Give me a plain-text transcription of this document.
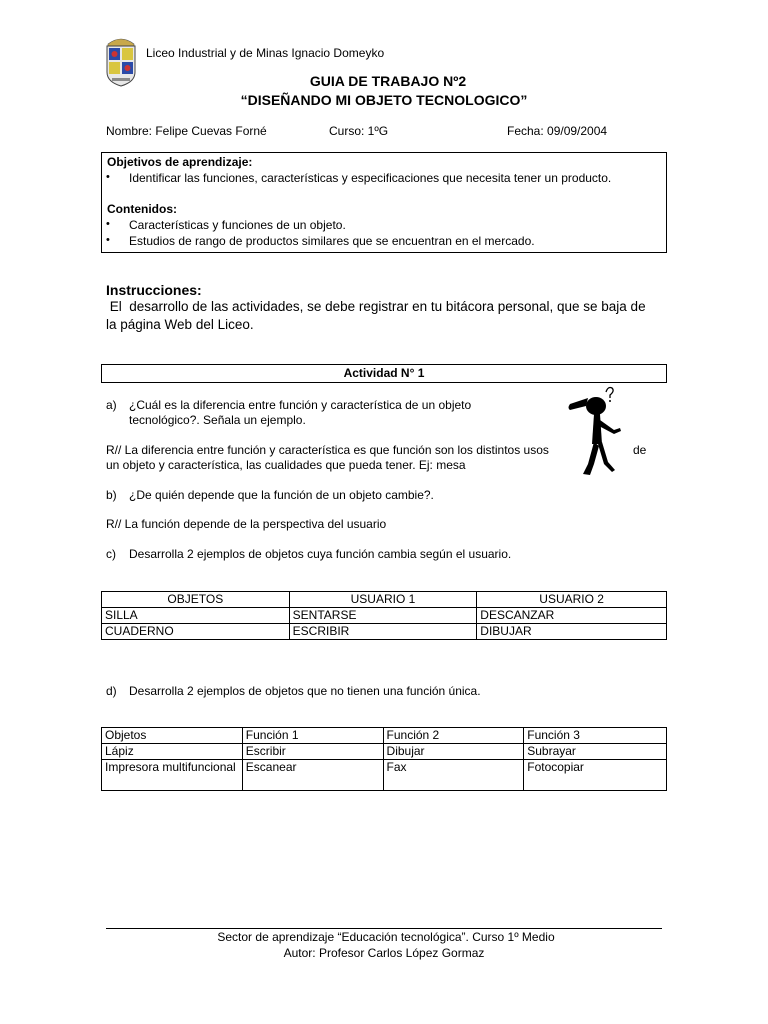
Liceo Industrial y de Minas Ignacio Domeyko
GUIA DE TRABAJO Nº2
“DISEÑANDO MI OBJETO TECNOLOGICO”
Nombre: Felipe Cuevas Forné	Curso: 1ºG	Fecha: 09/09/2004
Objetivos de aprendizaje:
• Identificar las funciones, características y especificaciones que necesita tener un producto.
Contenidos:
• Características y funciones de un objeto.
• Estudios de rango de productos similares que se encuentran en el mercado.
Instrucciones:
El  desarrollo de las actividades, se debe registrar en tu bitácora personal, que se baja de
la página Web del Liceo.
Actividad N° 1
a) ¿Cuál es la diferencia entre función y característica de un objeto
tecnológico?. Señala un ejemplo.
R// La diferencia entre función y característica es que función son los distintos usos	de
un objeto y característica, las cualidades que pueda tener. Ej: mesa
b) ¿De quién depende que la función de un objeto cambie?.
R// La función depende de la perspectiva del usuario
c) Desarrolla 2 ejemplos de objetos cuya función cambia según el usuario.
OBJETOS	USUARIO 1	USUARIO 2
SILLA	SENTARSE	DESCANZAR
CUADERNO	ESCRIBIR	DIBUJAR
d) Desarrolla 2 ejemplos de objetos que no tienen una función única.
Objetos	Función 1	Función 2	Función 3
Lápiz	Escribir	Dibujar	Subrayar
Impresora multifuncional	Escanear	Fax	Fotocopiar
Sector de aprendizaje “Educación tecnológica”. Curso 1º Medio
Autor: Profesor Carlos López Gormaz
